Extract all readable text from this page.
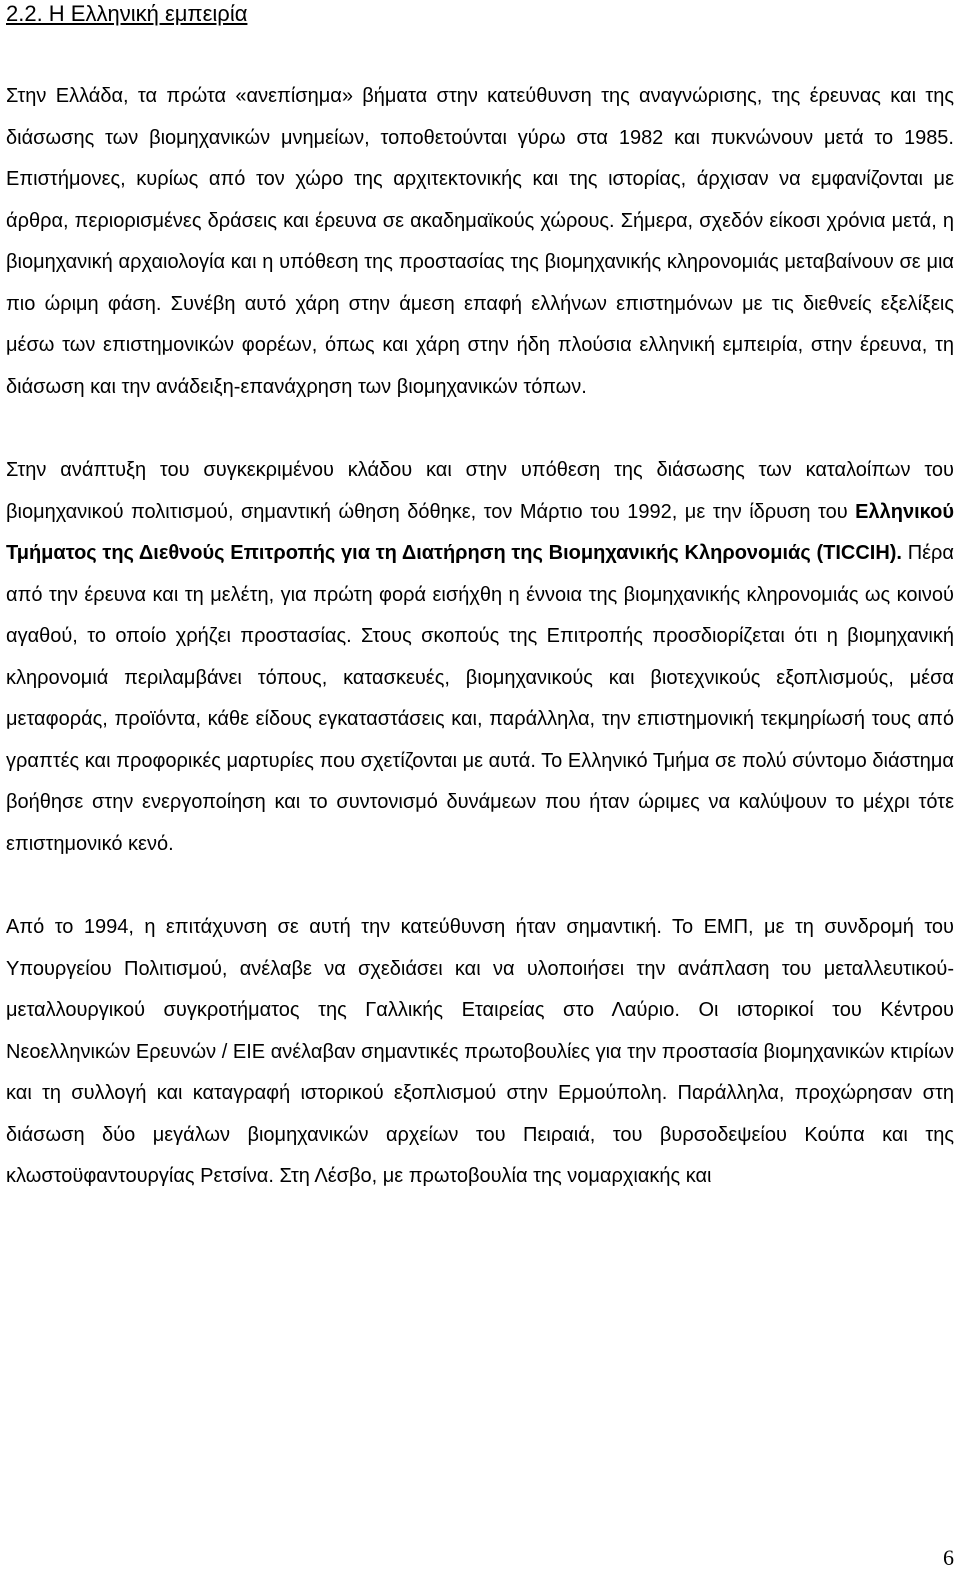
2.2. Η Ελληνική εμπειρία

Στην Ελλάδα, τα πρώτα «ανεπίσημα» βήματα στην κατεύθυνση της αναγνώρισης, της έρευνας και της διάσωσης των βιομηχανικών μνημείων, τοποθετούνται γύρω στα 1982 και πυκνώνουν μετά το 1985. Επιστήμονες, κυρίως από τον χώρο της αρχιτεκτονικής και της ιστορίας, άρχισαν να εμφανίζονται με άρθρα, περιορισμένες δράσεις και έρευνα σε ακαδημαϊκούς χώρους. Σήμερα, σχεδόν είκοσι χρόνια μετά, η βιομηχανική αρχαιολογία και η υπόθεση της προστασίας της βιομηχανικής κληρονομιάς μεταβαίνουν σε μια πιο ώριμη φάση. Συνέβη αυτό χάρη στην άμεση επαφή ελλήνων επιστημόνων με τις διεθνείς εξελίξεις μέσω των επιστημονικών φορέων, όπως και χάρη στην ήδη πλούσια ελληνική εμπειρία, στην έρευνα, τη διάσωση και την ανάδειξη-επανάχρηση των βιομηχανικών τόπων.

Στην ανάπτυξη του συγκεκριμένου κλάδου και στην υπόθεση της διάσωσης των καταλοίπων του βιομηχανικού πολιτισμού, σημαντική ώθηση δόθηκε, τον Μάρτιο του 1992, με την ίδρυση του Ελληνικού Τμήματος της Διεθνούς Επιτροπής για τη Διατήρηση της Βιομηχανικής Κληρονομιάς (TICCIH). Πέρα από την έρευνα και τη μελέτη, για πρώτη φορά εισήχθη η έννοια της βιομηχανικής κληρονομιάς ως κοινού αγαθού, το οποίο χρήζει προστασίας. Στους σκοπούς της Επιτροπής προσδιορίζεται ότι η βιομηχανική κληρονομιά περιλαμβάνει τόπους, κατασκευές, βιομηχανικούς και βιοτεχνικούς εξοπλισμούς, μέσα μεταφοράς, προϊόντα, κάθε είδους εγκαταστάσεις και, παράλληλα, την επιστημονική τεκμηρίωσή τους από γραπτές και προφορικές μαρτυρίες που σχετίζονται με αυτά. Το Ελληνικό Τμήμα σε πολύ σύντομο διάστημα βοήθησε στην ενεργοποίηση και το συντονισμό δυνάμεων που ήταν ώριμες να καλύψουν το μέχρι τότε επιστημονικό κενό.

Από το 1994, η επιτάχυνση σε αυτή την κατεύθυνση ήταν σημαντική. Το ΕΜΠ, με τη συνδρομή του Υπουργείου Πολιτισμού, ανέλαβε να σχεδιάσει και να υλοποιήσει την ανάπλαση του μεταλλευτικού-μεταλλουργικού συγκροτήματος της Γαλλικής Εταιρείας στο Λαύριο. Οι ιστορικοί του Κέντρου Νεοελληνικών Ερευνών / ΕΙΕ ανέλαβαν σημαντικές πρωτοβουλίες για την προστασία βιομηχανικών κτιρίων και τη συλλογή και καταγραφή ιστορικού εξοπλισμού στην Ερμούπολη. Παράλληλα, προχώρησαν στη διάσωση δύο μεγάλων βιομηχανικών αρχείων του Πειραιά, του βυρσοδεψείου Κούπα και της κλωστοϋφαντουργίας Ρετσίνα. Στη Λέσβο, με πρωτοβουλία της νομαρχιακής και

6
